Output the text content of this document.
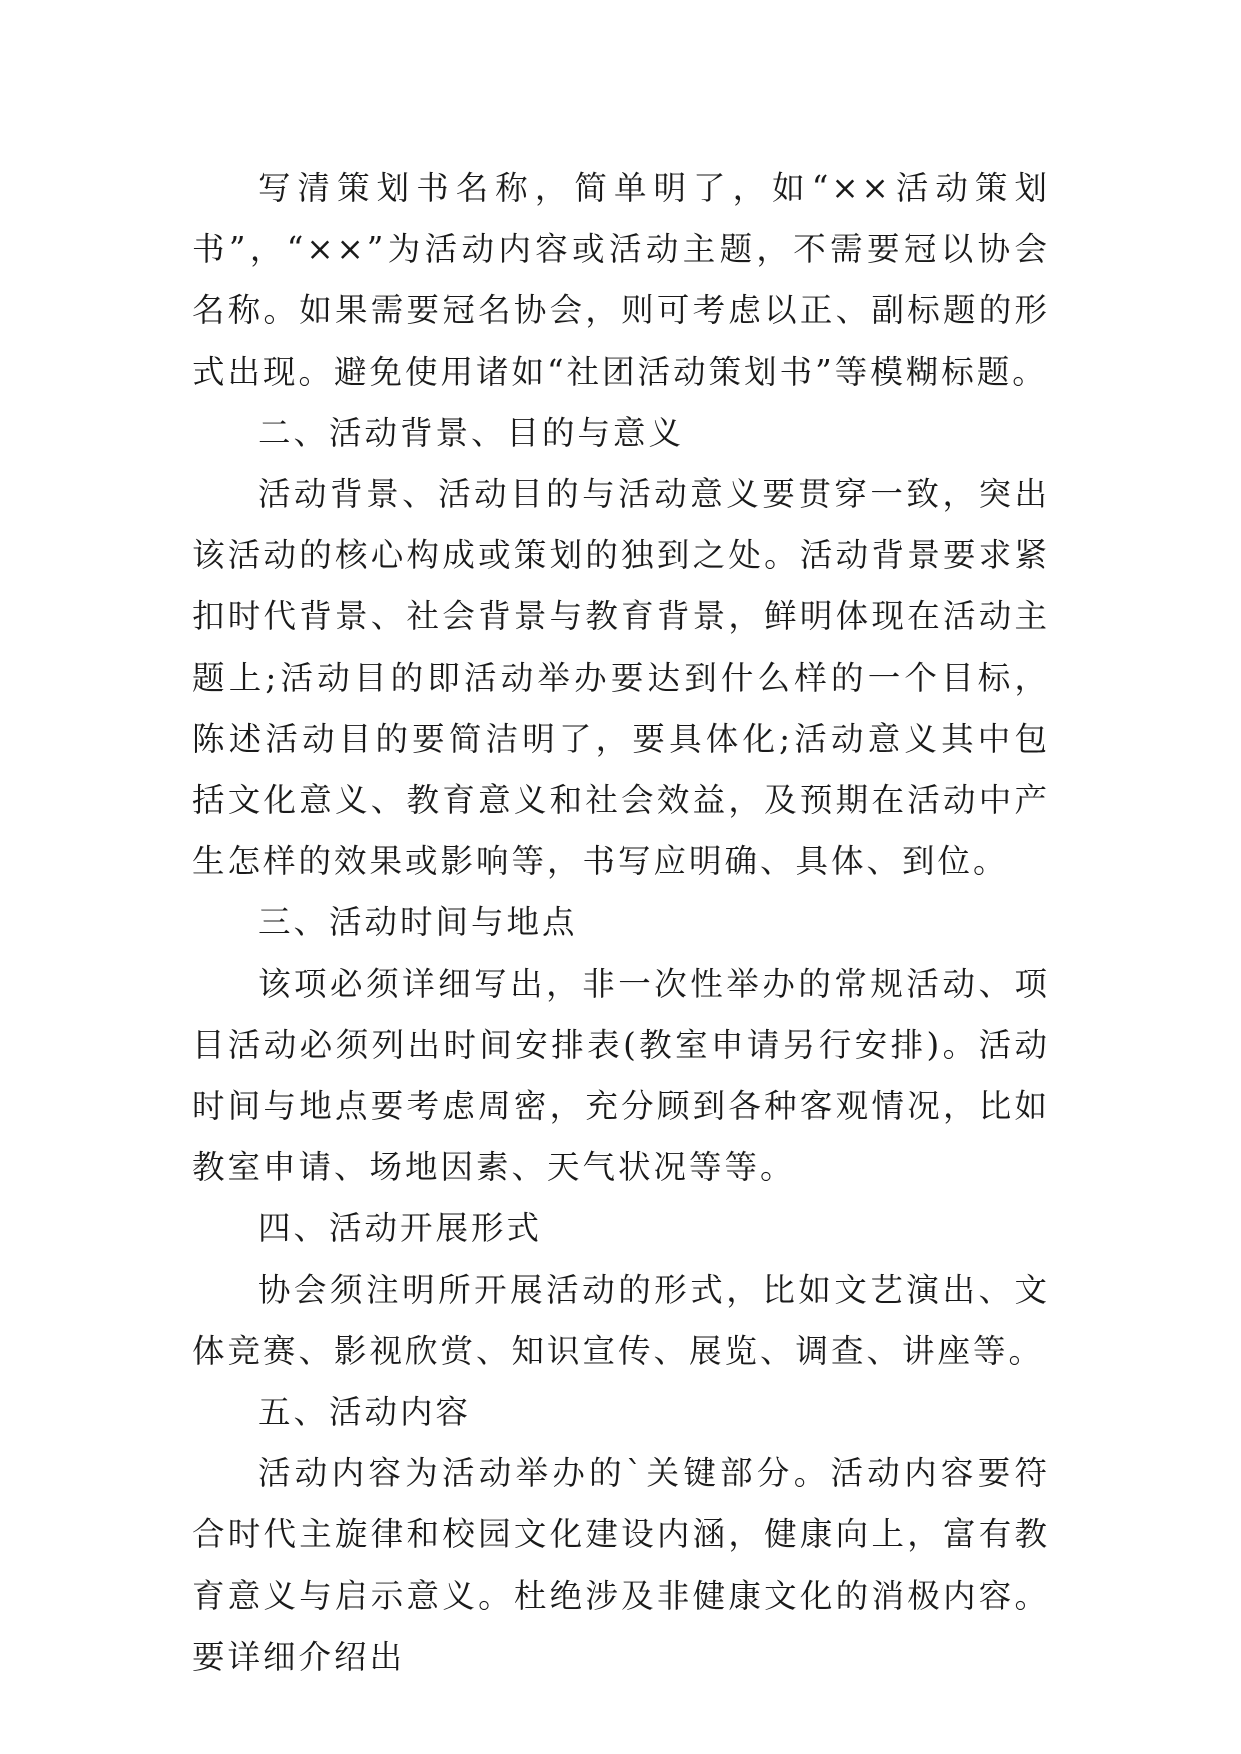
写清策划书名称，简单明了，如“××活动策划书”，“××”为活动内容或活动主题，不需要冠以协会名称。如果需要冠名协会，则可考虑以正、副标题的形式出现。避免使用诸如“社团活动策划书”等模糊标题。

二、活动背景、目的与意义

活动背景、活动目的与活动意义要贯穿一致，突出该活动的核心构成或策划的独到之处。活动背景要求紧扣时代背景、社会背景与教育背景，鲜明体现在活动主题上;活动目的即活动举办要达到什么样的一个目标，陈述活动目的要简洁明了，要具体化;活动意义其中包括文化意义、教育意义和社会效益，及预期在活动中产生怎样的效果或影响等，书写应明确、具体、到位。

三、活动时间与地点

该项必须详细写出，非一次性举办的常规活动、项目活动必须列出时间安排表(教室申请另行安排)。活动时间与地点要考虑周密，充分顾到各种客观情况，比如教室申请、场地因素、天气状况等等。

四、活动开展形式

协会须注明所开展活动的形式，比如文艺演出、文体竞赛、影视欣赏、知识宣传、展览、调查、讲座等。

五、活动内容

活动内容为活动举办的`关键部分。活动内容要符合时代主旋律和校园文化建设内涵，健康向上，富有教育意义与启示意义。杜绝涉及非健康文化的消极内容。要详细介绍出
